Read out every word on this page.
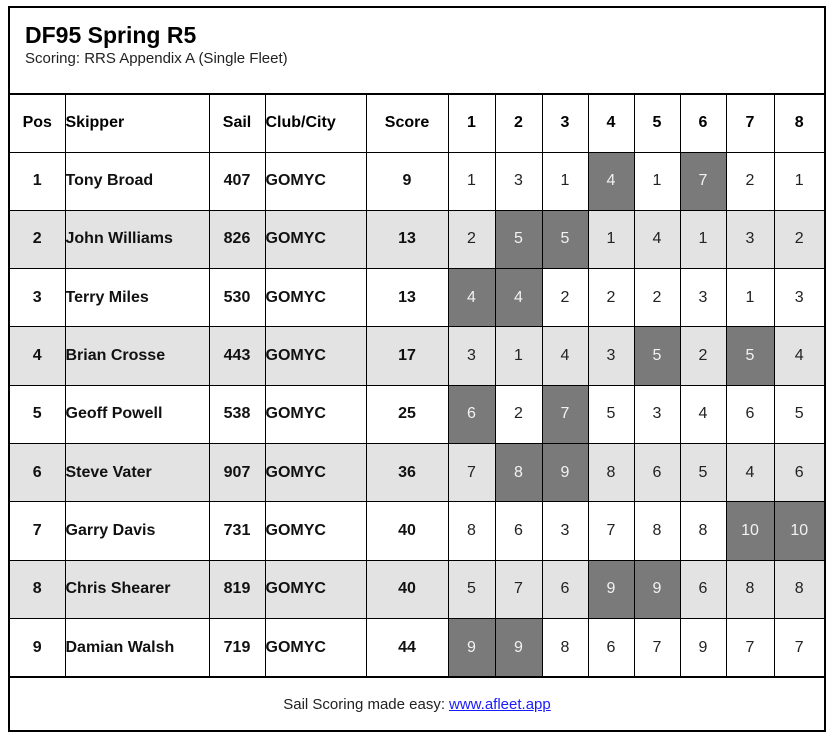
DF95 Spring R5
Scoring: RRS Appendix A (Single Fleet)
Pos	Skipper	Sail	Club/City	Score	1	2	3	4	5	6	7	8
1	Tony Broad	407	GOMYC	9	1	3	1	4	1	7	2	1
2	John Williams	826	GOMYC	13	2	5	5	1	4	1	3	2
3	Terry Miles	530	GOMYC	13	4	4	2	2	2	3	1	3
4	Brian Crosse	443	GOMYC	17	3	1	4	3	5	2	5	4
5	Geoff Powell	538	GOMYC	25	6	2	7	5	3	4	6	5
6	Steve Vater	907	GOMYC	36	7	8	9	8	6	5	4	6
7	Garry Davis	731	GOMYC	40	8	6	3	7	8	8	10	10
8	Chris Shearer	819	GOMYC	40	5	7	6	9	9	6	8	8
9	Damian Walsh	719	GOMYC	44	9	9	8	6	7	9	7	7
Sail Scoring made easy: www.afleet.app
